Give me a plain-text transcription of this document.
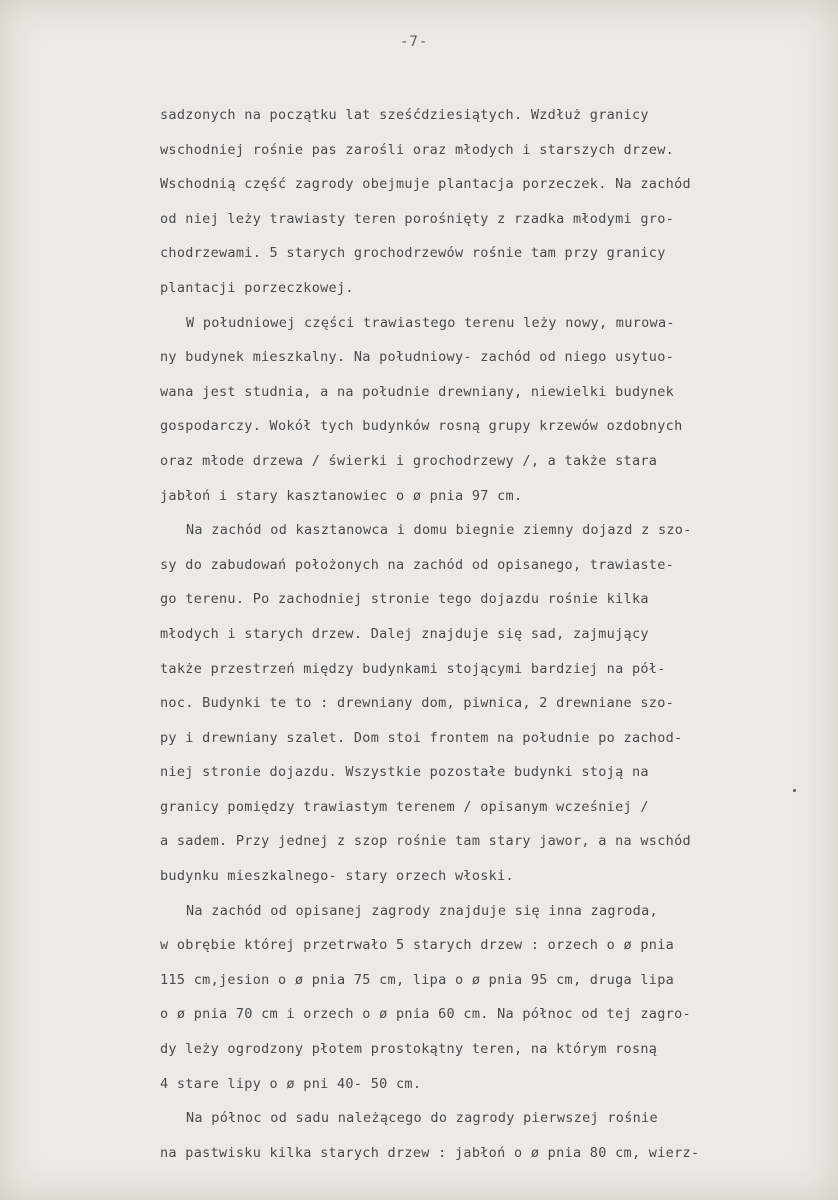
-7-
sadzonych na początku lat sześćdziesiątych. Wzdłuż granicy
wschodniej rośnie pas zarośli oraz młodych i starszych drzew.
Wschodnią część zagrody obejmuje plantacja porzeczek. Na zachód
od niej leży trawiasty teren porośnięty z rzadka młodymi gro-
chodrzewami. 5 starych grochodrzewów rośnie tam przy granicy
plantacji porzeczkowej.
W południowej części trawiastego terenu leży nowy, murowa-
ny budynek mieszkalny. Na południowy- zachód od niego usytuo-
wana jest studnia, a na południe drewniany, niewielki budynek
gospodarczy. Wokół tych budynków rosną grupy krzewów ozdobnych
oraz młode drzewa / świerki i grochodrzewy /, a także stara
jabłoń i stary kasztanowiec o ø pnia 97 cm.
Na zachód od kasztanowca i domu biegnie ziemny dojazd z szo-
sy do zabudowań położonych na zachód od opisanego, trawiaste-
go terenu. Po zachodniej stronie tego dojazdu rośnie kilka
młodych i starych drzew. Dalej znajduje się sad, zajmujący
także przestrzeń między budynkami stojącymi bardziej na pół-
noc. Budynki te to : drewniany dom, piwnica, 2 drewniane szo-
py i drewniany szalet. Dom stoi frontem na południe po zachod-
niej stronie dojazdu. Wszystkie pozostałe budynki stoją na
granicy pomiędzy trawiastym terenem / opisanym wcześniej /
a sadem. Przy jednej z szop rośnie tam stary jawor, a na wschód
budynku mieszkalnego- stary orzech włoski.
Na zachód od opisanej zagrody znajduje się inna zagroda,
w obrębie której przetrwało 5 starych drzew : orzech o ø pnia
115 cm,jesion o ø pnia 75 cm, lipa o ø pnia 95 cm, druga lipa
o ø pnia 70 cm i orzech o ø pnia 60 cm. Na północ od tej zagro-
dy leży ogrodzony płotem prostokątny teren, na którym rosną
4 stare lipy o ø pni 40- 50 cm.
Na północ od sadu należącego do zagrody pierwszej rośnie
na pastwisku kilka starych drzew : jabłoń o ø pnia 80 cm, wierz-
